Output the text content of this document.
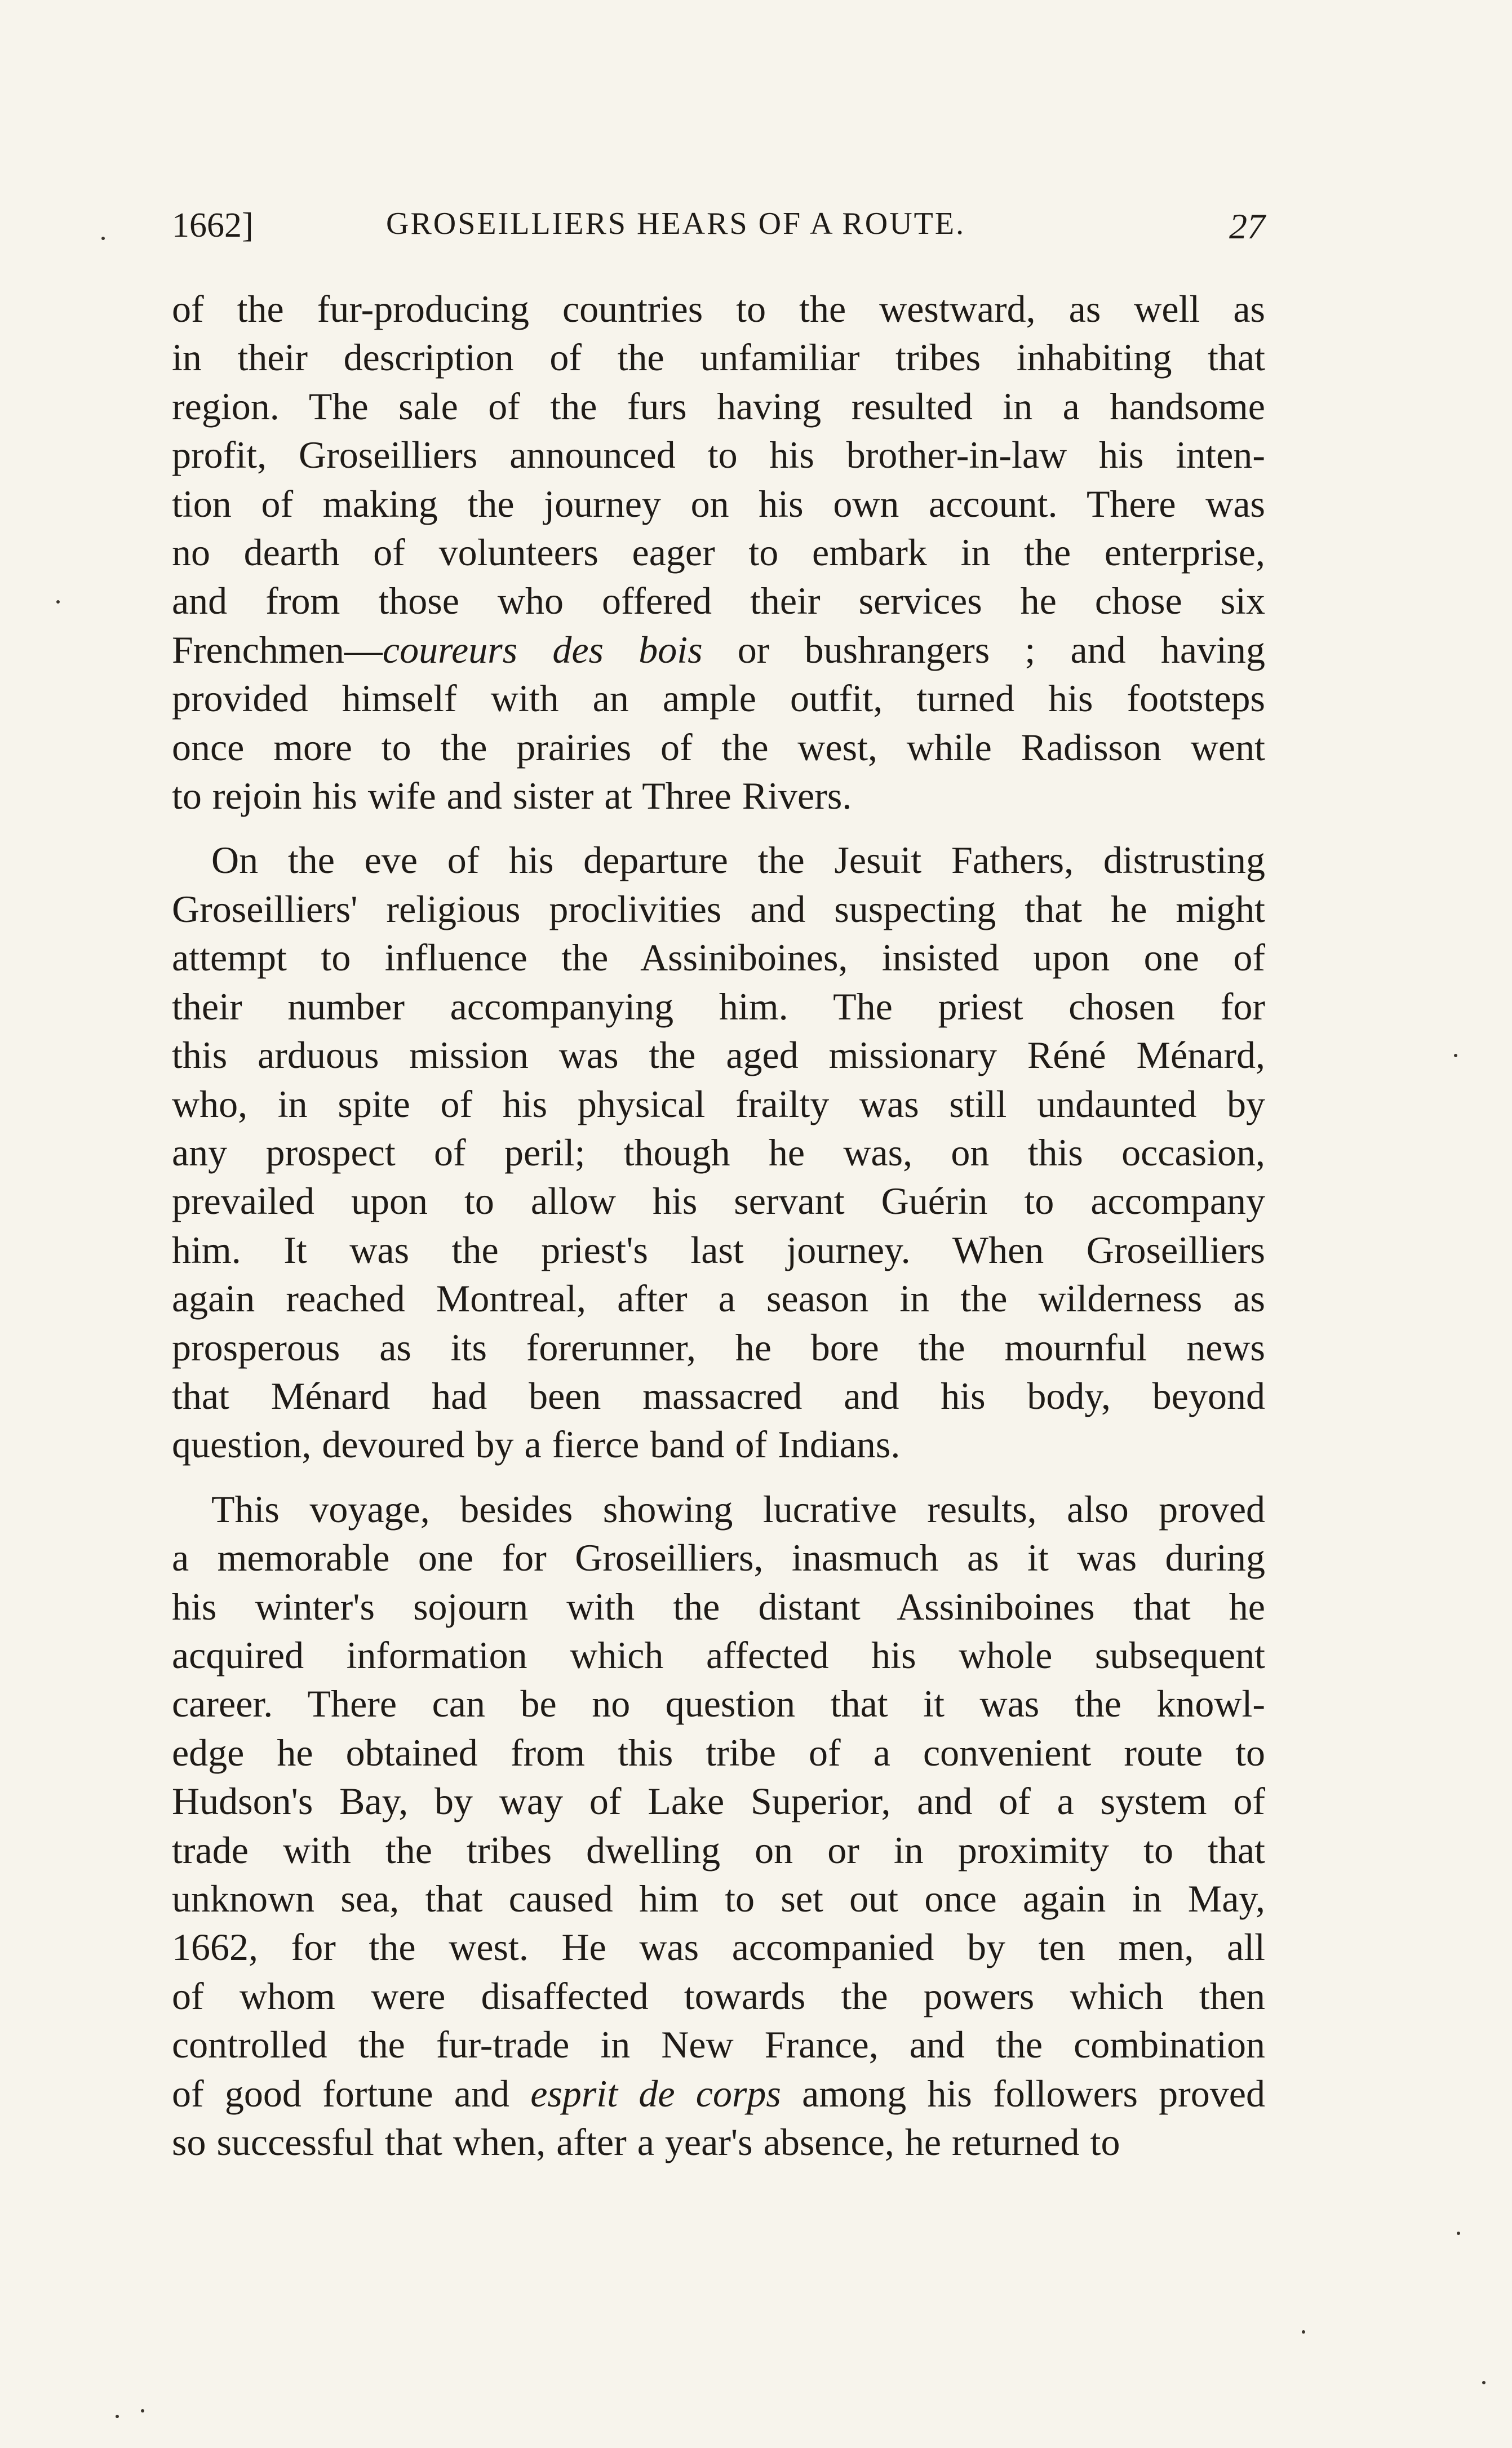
1662]	GROSEILLIERS HEARS OF A ROUTE.	27

of the fur-producing countries to the westward, as well as
in their description of the unfamiliar tribes inhabiting that
region. The sale of the furs having resulted in a handsome
profit, Groseilliers announced to his brother-in-law his inten-
tion of making the journey on his own account. There was
no dearth of volunteers eager to embark in the enterprise,
and from those who offered their services he chose six
Frenchmen—coureurs des bois or bushrangers ; and having
provided himself with an ample outfit, turned his footsteps
once more to the prairies of the west, while Radisson went
to rejoin his wife and sister at Three Rivers.

On the eve of his departure the Jesuit Fathers, distrusting
Groseilliers' religious proclivities and suspecting that he might
attempt to influence the Assiniboines, insisted upon one of
their number accompanying him. The priest chosen for
this arduous mission was the aged missionary Réné Ménard,
who, in spite of his physical frailty was still undaunted by
any prospect of peril; though he was, on this occasion,
prevailed upon to allow his servant Guérin to accompany
him. It was the priest's last journey. When Groseilliers
again reached Montreal, after a season in the wilderness as
prosperous as its forerunner, he bore the mournful news
that Ménard had been massacred and his body, beyond
question, devoured by a fierce band of Indians.

This voyage, besides showing lucrative results, also proved
a memorable one for Groseilliers, inasmuch as it was during
his winter's sojourn with the distant Assiniboines that he
acquired information which affected his whole subsequent
career. There can be no question that it was the knowl-
edge he obtained from this tribe of a convenient route to
Hudson's Bay, by way of Lake Superior, and of a system of
trade with the tribes dwelling on or in proximity to that
unknown sea, that caused him to set out once again in May,
1662, for the west. He was accompanied by ten men, all
of whom were disaffected towards the powers which then
controlled the fur-trade in New France, and the combination
of good fortune and esprit de corps among his followers proved
so successful that when, after a year's absence, he returned to
